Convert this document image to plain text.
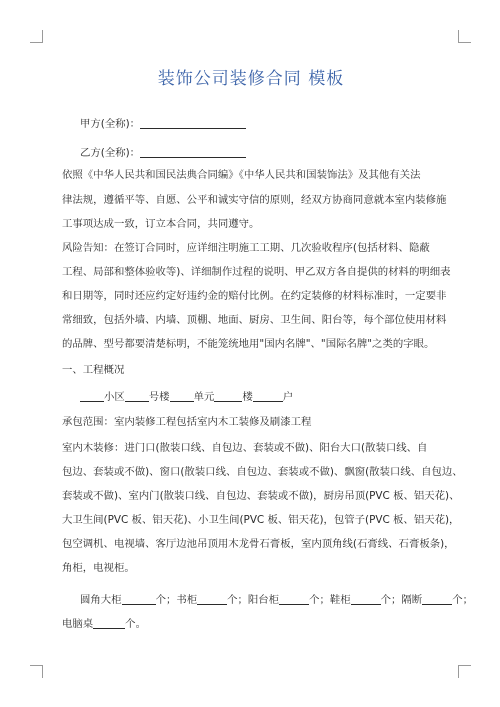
装饰公司装修合同 模板
甲方(全称)：
乙方(全称)：
依照《中华人民共和国民法典合同编》《中华人民共和国装饰法》及其他有关法
律法规，遵循平等、自愿、公平和诚实守信的原则，经双方协商同意就本室内装修施
工事项达成一致，订立本合同，共同遵守。
风险告知：在签订合同时，应详细注明施工工期、几次验收程序(包括材料、隐蔽
工程、局部和整体验收等)、详细制作过程的说明、甲乙双方各自提供的材料的明细表
和日期等，同时还应约定好违约金的赔付比例。在约定装修的材料标准时，一定要非
常细致，包括外墙、内墙、顶棚、地面、厨房、卫生间、阳台等，每个部位使用材料
的品牌、型号都要清楚标明，不能笼统地用"国内名牌"、"国际名牌"之类的字眼。
一、工程概况
小区 号楼 单元	楼	户
承包范围：室内装修工程包括室内木工装修及刷漆工程
室内木装修：进门口(散装口线、自包边、套装或不做)、阳台大口(散装口线、自
包边、套装或不做)、窗口(散装口线、自包边、套装或不做)、飘窗(散装口线、自包边、
套装或不做)、室内门(散装口线、自包边、套装或不做)，厨房吊顶(PVC 板、铝天花)、
大卫生间(PVC 板、铝天花)、小卫生间(PVC 板、铝天花)，包管子(PVC 板、铝天花)，
包空调机、电视墙、客厅边池吊顶用木龙骨石膏板，室内顶角线(石膏线、石膏板条)，
角柜，电视柜。
圆角大柜	个；书柜	个；阳台柜	个；鞋柜	个；隔断	个；
电脑桌	个。
